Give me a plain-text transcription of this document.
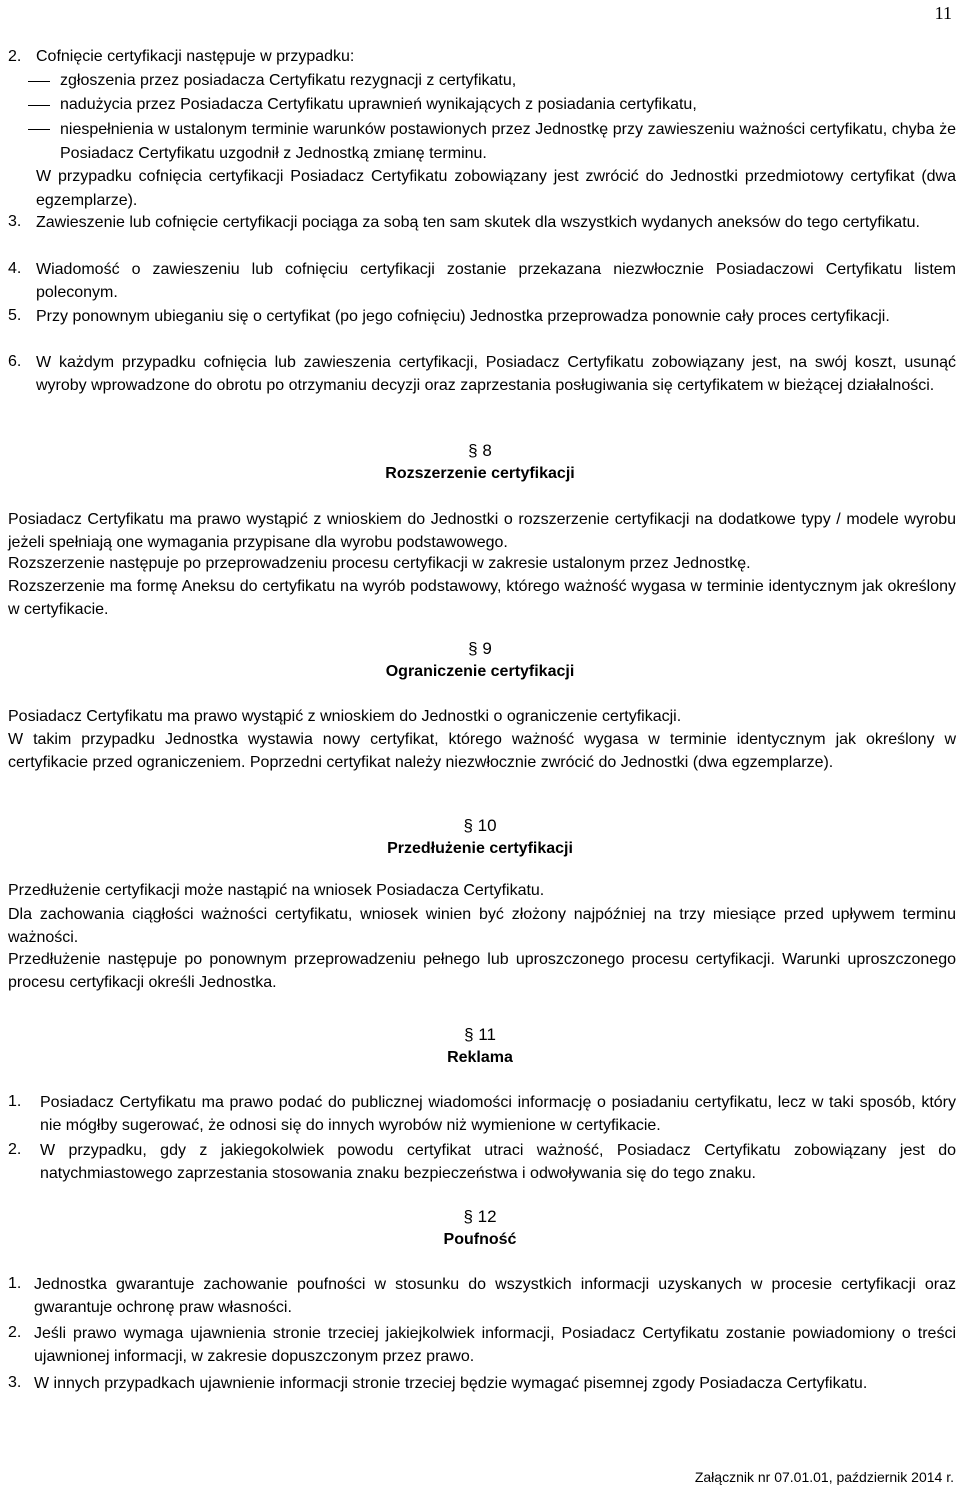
11
2. Cofnięcie certyfikacji następuje w przypadku:
zgłoszenia przez posiadacza Certyfikatu rezygnacji z certyfikatu,
nadużycia przez Posiadacza Certyfikatu uprawnień wynikających z posiadania certyfikatu,
niespełnienia w ustalonym terminie warunków postawionych przez Jednostkę przy zawieszeniu ważności certyfikatu, chyba że Posiadacz Certyfikatu uzgodnił z Jednostką zmianę terminu.
W przypadku cofnięcia certyfikacji Posiadacz Certyfikatu zobowiązany jest zwrócić do Jednostki przedmiotowy certyfikat (dwa egzemplarze).
3. Zawieszenie lub cofnięcie certyfikacji pociąga za sobą ten sam skutek dla wszystkich wydanych aneksów do tego certyfikatu.
4. Wiadomość o zawieszeniu lub cofnięciu certyfikacji zostanie przekazana niezwłocznie Posiadaczowi Certyfikatu listem poleconym.
5. Przy ponownym ubieganiu się o certyfikat (po jego cofnięciu) Jednostka przeprowadza ponownie cały proces certyfikacji.
6. W każdym przypadku cofnięcia lub zawieszenia certyfikacji, Posiadacz Certyfikatu zobowiązany jest, na swój koszt, usunąć wyroby wprowadzone do obrotu po otrzymaniu decyzji oraz zaprzestania posługiwania się certyfikatem w bieżącej działalności.
§ 8
Rozszerzenie certyfikacji
Posiadacz Certyfikatu ma prawo wystąpić z wnioskiem do Jednostki o rozszerzenie certyfikacji na dodatkowe typy / modele wyrobu jeżeli spełniają one wymagania przypisane dla wyrobu podstawowego.
Rozszerzenie następuje po przeprowadzeniu procesu certyfikacji w zakresie ustalonym przez Jednostkę.
Rozszerzenie ma formę Aneksu do certyfikatu na wyrób podstawowy, którego ważność wygasa w terminie identycznym jak określony w certyfikacie.
§ 9
Ograniczenie certyfikacji
Posiadacz Certyfikatu ma prawo wystąpić z wnioskiem do Jednostki o ograniczenie certyfikacji.
W takim przypadku Jednostka wystawia nowy certyfikat, którego ważność wygasa w terminie identycznym jak określony w certyfikacie przed ograniczeniem. Poprzedni certyfikat należy niezwłocznie zwrócić do Jednostki (dwa egzemplarze).
§ 10
Przedłużenie certyfikacji
Przedłużenie certyfikacji może nastąpić na wniosek Posiadacza Certyfikatu.
Dla zachowania ciągłości ważności certyfikatu, wniosek winien być złożony najpóźniej na trzy miesiące przed upływem terminu ważności.
Przedłużenie następuje po ponownym przeprowadzeniu pełnego lub uproszczonego procesu certyfikacji. Warunki uproszczonego procesu certyfikacji określi Jednostka.
§ 11
Reklama
1. Posiadacz Certyfikatu ma prawo podać do publicznej wiadomości informację o posiadaniu certyfikatu, lecz w taki sposób, który nie mógłby sugerować, że odnosi się do innych wyrobów niż wymienione w certyfikacie.
2. W przypadku, gdy z jakiegokolwiek powodu certyfikat utraci ważność, Posiadacz Certyfikatu zobowiązany jest do natychmiastowego zaprzestania stosowania znaku bezpieczeństwa i odwoływania się do tego znaku.
§ 12
Poufność
1. Jednostka gwarantuje zachowanie poufności w stosunku do wszystkich informacji uzyskanych w procesie certyfikacji oraz gwarantuje ochronę praw własności.
2. Jeśli prawo wymaga ujawnienia stronie trzeciej jakiejkolwiek informacji, Posiadacz Certyfikatu zostanie powiadomiony o treści ujawnionej informacji, w zakresie dopuszczonym przez prawo.
3. W innych przypadkach ujawnienie informacji stronie trzeciej będzie wymagać pisemnej zgody Posiadacza Certyfikatu.
Załącznik nr 07.01.01, październik 2014 r.
